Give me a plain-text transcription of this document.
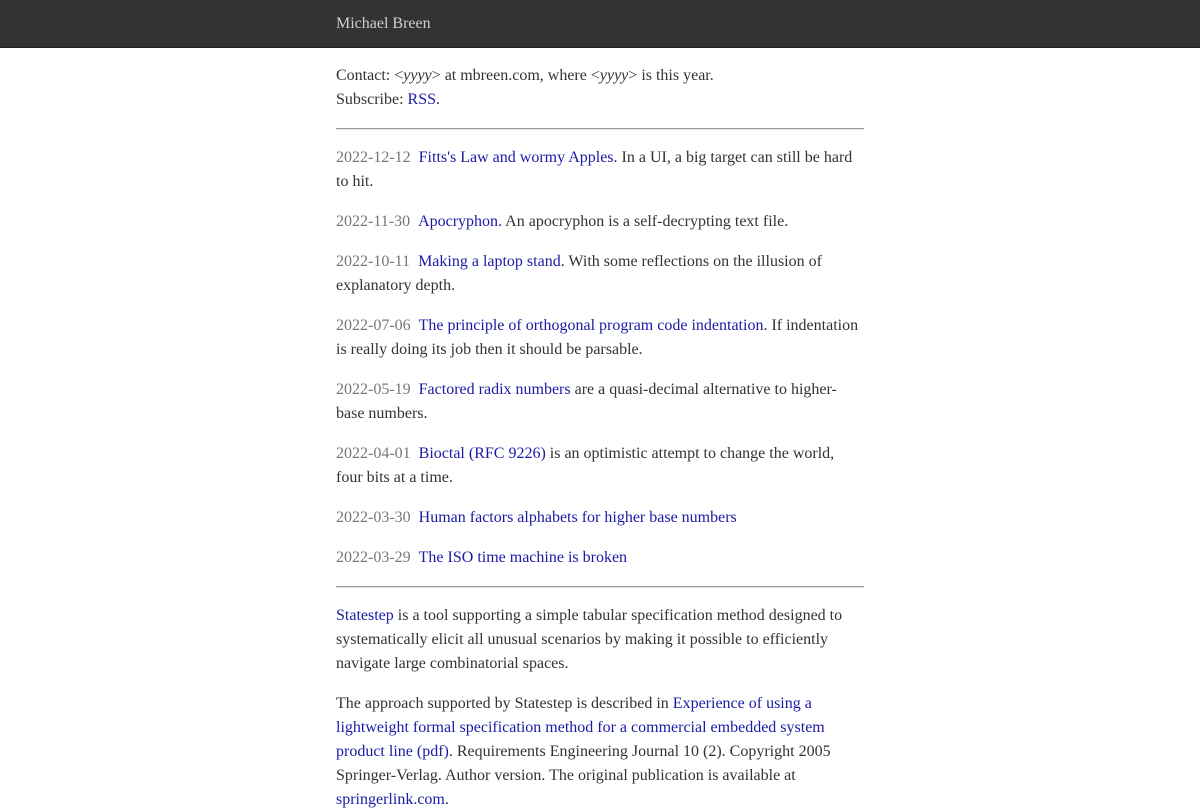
Michael Breen

Contact: <yyyy> at mbreen.com, where <yyyy> is this year.

Subscribe: RSS.

2022-12-12 Fitts's Law and wormy Apples. In a UI, a big target can still be hard to hit.

2022-11-30 Apocryphon. An apocryphon is a self-decrypting text file.

2022-10-11 Making a laptop stand. With some reflections on the illusion of explanatory depth.

2022-07-06 The principle of orthogonal program code indentation. If indentation is really doing its job then it should be parsable.

2022-05-19 Factored radix numbers are a quasi-decimal alternative to higher-base numbers.

2022-04-01 Bioctal (RFC 9226) is an optimistic attempt to change the world, four bits at a time.

2022-03-30 Human factors alphabets for higher base numbers

2022-03-29 The ISO time machine is broken

Statestep is a tool supporting a simple tabular specification method designed to systematically elicit all unusual scenarios by making it possible to efficiently navigate large combinatorial spaces.

The approach supported by Statestep is described in Experience of using a lightweight formal specification method for a commercial embedded system product line (pdf). Requirements Engineering Journal 10 (2). Copyright 2005 Springer-Verlag. Author version. The original publication is available at springerlink.com.
